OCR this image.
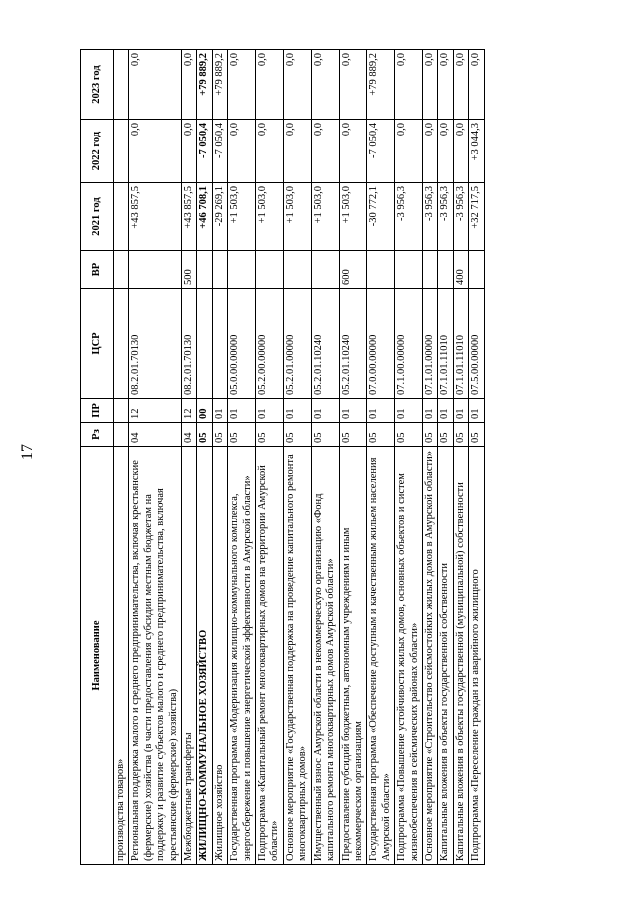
17
Наименование	Рз	ПР	ЦСР	ВР	2021 год	2022 год	2023 год
производства товаров»							
Региональная поддержка малого и среднего предпринимательства, включая крестьянские (фермерские) хозяйства (в части предоставления субсидии местным бюджетам на поддержку и развитие субъектов малого и среднего предпринимательства, включая крестьянские (фермерские) хозяйства)	04	12	08.2.01.70130		+43 857,5	0,0	0,0
Межбюджетные трансферты	04	12	08.2.01.70130	500	+43 857,5	0,0	0,0
ЖИЛИЩНО-КОММУНАЛЬНОЕ ХОЗЯЙСТВО	05	00			+46 708,1	-7 050,4	+79 889,2
Жилищное хозяйство	05	01			-29 269,1	-7 050,4	+79 889,2
Государственная программа «Модернизация жилищно-коммунального комплекса, энергосбережение и повышение энергетической эффективности в Амурской области»	05	01	05.0.00.00000		+1 503,0	0,0	0,0
Подпрограмма «Капитальный ремонт многоквартирных домов на территории Амурской области»	05	01	05.2.00.00000		+1 503,0	0,0	0,0
Основное мероприятие «Государственная поддержка на проведение капитального ремонта многоквартирных домов»	05	01	05.2.01.00000		+1 503,0	0,0	0,0
Имущественный взнос Амурской области в некоммерческую организацию «Фонд капитального ремонта многоквартирных домов Амурской области»	05	01	05.2.01.10240		+1 503,0	0,0	0,0
Предоставление субсидий бюджетным, автономным учреждениям и иным некоммерческим организациям	05	01	05.2.01.10240	600	+1 503,0	0,0	0,0
Государственная программа «Обеспечение доступным и качественным жильем населения Амурской области»	05	01	07.0.00.00000		-30 772,1	-7 050,4	+79 889,2
Подпрограмма «Повышение устойчивости жилых домов, основных объектов и систем жизнеобеспечения в сейсмических районах области»	05	01	07.1.00.00000		-3 956,3	0,0	0,0
Основное мероприятие «Строительство сейсмостойких жилых домов в Амурской области»	05	01	07.1.01.00000		-3 956,3	0,0	0,0
Капитальные вложения в объекты государственной собственности	05	01	07.1.01.11010		-3 956,3	0,0	0,0
Капитальные вложения в объекты государственной (муниципальной) собственности	05	01	07.1.01.11010	400	-3 956,3	0,0	0,0
Подпрограмма «Переселение граждан из аварийного жилищного	05	01	07.5.00.00000		+32 717,5	+3 044,3	0,0
